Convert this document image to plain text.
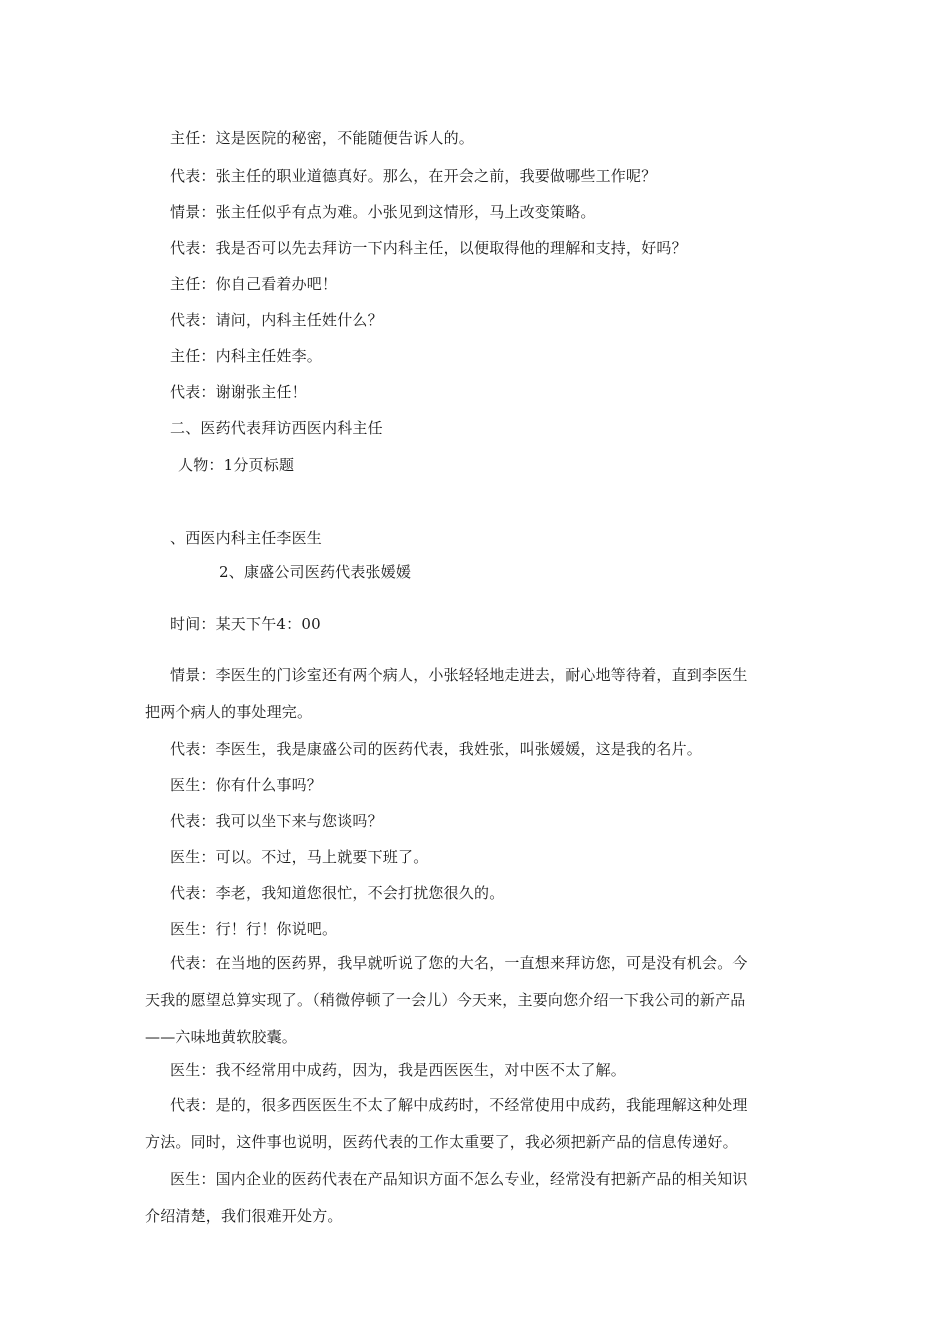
主任：这是医院的秘密，不能随便告诉人的。
代表：张主任的职业道德真好。那么，在开会之前，我要做哪些工作呢？
情景：张主任似乎有点为难。小张见到这情形，马上改变策略。
代表：我是否可以先去拜访一下内科主任，以便取得他的理解和支持，好吗？
主任：你自己看着办吧！
代表：请问，内科主任姓什么？
主任：内科主任姓李。
代表：谢谢张主任！
二、医药代表拜访西医内科主任
人物：1分页标题
、西医内科主任李医生
2、康盛公司医药代表张媛媛
时间：某天下午4：00
情景：李医生的门诊室还有两个病人，小张轻轻地走进去，耐心地等待着，直到李医生
把两个病人的事处理完。
代表：李医生，我是康盛公司的医药代表，我姓张，叫张媛媛，这是我的名片。
医生：你有什么事吗？
代表：我可以坐下来与您谈吗？
医生：可以。不过，马上就要下班了。
代表：李老，我知道您很忙，不会打扰您很久的。
医生：行！行！你说吧。
代表：在当地的医药界，我早就听说了您的大名，一直想来拜访您，可是没有机会。今
天我的愿望总算实现了。（稍微停顿了一会儿）今天来，主要向您介绍一下我公司的新产品
——六味地黄软胶囊。
医生：我不经常用中成药，因为，我是西医医生，对中医不太了解。
代表：是的，很多西医医生不太了解中成药时，不经常使用中成药，我能理解这种处理
方法。同时，这件事也说明，医药代表的工作太重要了，我必须把新产品的信息传递好。
医生：国内企业的医药代表在产品知识方面不怎么专业，经常没有把新产品的相关知识
介绍清楚，我们很难开处方。
